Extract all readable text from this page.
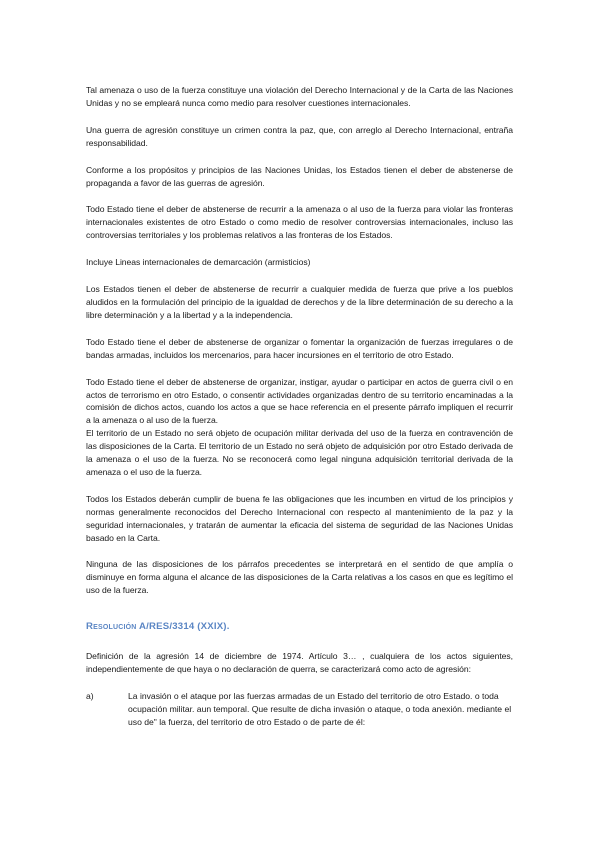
Tal amenaza o uso de la fuerza constituye una violación del Derecho Internacional y de la Carta de las Naciones Unidas y no se empleará nunca como medio para resolver cuestiones internacionales.

Una guerra de agresión constituye un crimen contra la paz, que, con arreglo al Derecho Internacional, entraña responsabilidad.

Conforme a los propósitos y principios de las Naciones Unidas, los Estados tienen el deber de abstenerse de propaganda a favor de las guerras de agresión.

Todo Estado tiene el deber de abstenerse de recurrir a la amenaza o al uso de la fuerza para violar las fronteras internacionales existentes de otro Estado o como medio de resolver controversias internacionales, incluso las controversias territoriales y los problemas relativos a las fronteras de los Estados.

Incluye Lineas internacionales de demarcación (armisticios)

Los Estados tienen el deber de abstenerse de recurrir a cualquier medida de fuerza que prive a los pueblos aludidos en la formulación del principio de la igualdad de derechos y de la libre determinación de su derecho a la libre determinación y a la libertad y a la independencia.

Todo Estado tiene el deber de abstenerse de organizar o fomentar la organización de fuerzas irregulares o de bandas armadas, incluidos los mercenarios, para hacer incursiones en el territorio de otro Estado.

Todo Estado tiene el deber de abstenerse de organizar, instigar, ayudar o participar en actos de guerra civil o en actos de terrorismo en otro Estado, o consentir actividades organizadas dentro de su territorio encaminadas a la comisión de dichos actos, cuando los actos a que se hace referencia en el presente párrafo impliquen el recurrir a la amenaza o al uso de la fuerza.

El territorio de un Estado no será objeto de ocupación militar derivada del uso de la fuerza en contravención de las disposiciones de la Carta. El territorio de un Estado no será objeto de adquisición por otro Estado derivada de la amenaza o el uso de la fuerza. No se reconocerá como legal ninguna adquisición territorial derivada de la amenaza o el uso de la fuerza.

Todos los Estados deberán cumplir de buena fe las obligaciones que les incumben en virtud de los principios y normas generalmente reconocidos del Derecho Internacional con respecto al mantenimiento de la paz y la seguridad internacionales, y tratarán de aumentar la eficacia del sistema de seguridad de las Naciones Unidas basado en la Carta.

Ninguna de las disposiciones de los párrafos precedentes se interpretará en el sentido de que amplía o disminuye en forma alguna el alcance de las disposiciones de la Carta relativas a los casos en que es legítimo el uso de la fuerza.

Resolución A/RES/3314 (XXIX).

Definición de la agresión 14 de diciembre de 1974. Artículo 3… , cualquiera de los actos siguientes, independientemente de que haya o no declaración de querra, se caracterizará como acto de agresión:

a)	La invasión o el ataque por las fuerzas armadas de un Estado del territorio de otro Estado. o toda ocupación militar. aun temporal. Que resulte de dicha invasión o ataque, o toda anexión. mediante el uso de" la fuerza, del territorio de otro Estado o de parte de él:
